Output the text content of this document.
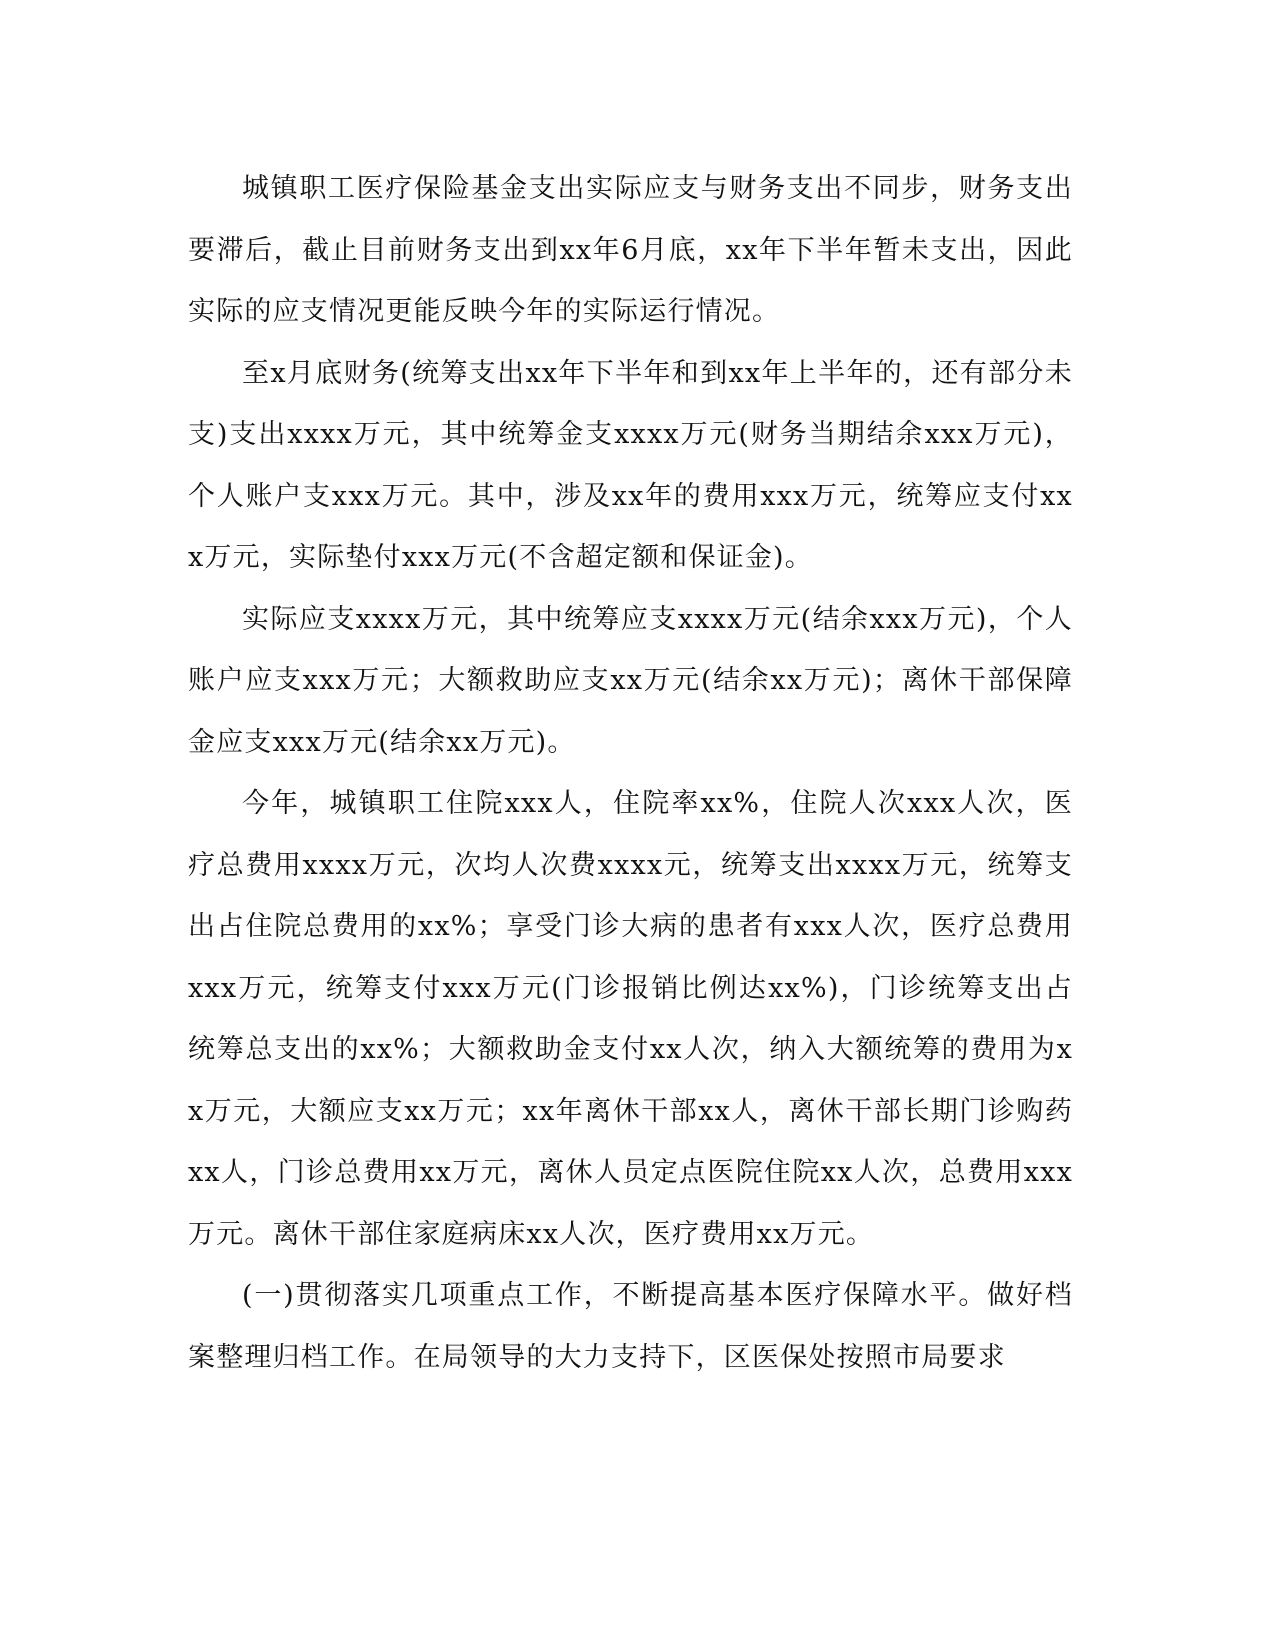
城镇职工医疗保险基金支出实际应支与财务支出不同步，财务支出要滞后，截止目前财务支出到xx年6月底，xx年下半年暂未支出，因此实际的应支情况更能反映今年的实际运行情况。

至x月底财务(统筹支出xx年下半年和到xx年上半年的，还有部分未支)支出xxxx万元，其中统筹金支xxxx万元(财务当期结余xxx万元)，个人账户支xxx万元。其中，涉及xx年的费用xxx万元，统筹应支付xxx万元，实际垫付xxx万元(不含超定额和保证金)。

实际应支xxxx万元，其中统筹应支xxxx万元(结余xxx万元)，个人账户应支xxx万元；大额救助应支xx万元(结余xx万元)；离休干部保障金应支xxx万元(结余xx万元)。

今年，城镇职工住院xxx人，住院率xx%，住院人次xxx人次，医疗总费用xxxx万元，次均人次费xxxx元，统筹支出xxxx万元，统筹支出占住院总费用的xx%；享受门诊大病的患者有xxx人次，医疗总费用xxx万元，统筹支付xxx万元(门诊报销比例达xx%)，门诊统筹支出占统筹总支出的xx%；大额救助金支付xx人次，纳入大额统筹的费用为xx万元，大额应支xx万元；xx年离休干部xx人，离休干部长期门诊购药xx人，门诊总费用xx万元，离休人员定点医院住院xx人次，总费用xxx万元。离休干部住家庭病床xx人次，医疗费用xx万元。

(一)贯彻落实几项重点工作，不断提高基本医疗保障水平。做好档案整理归档工作。在局领导的大力支持下，区医保处按照市局要求
